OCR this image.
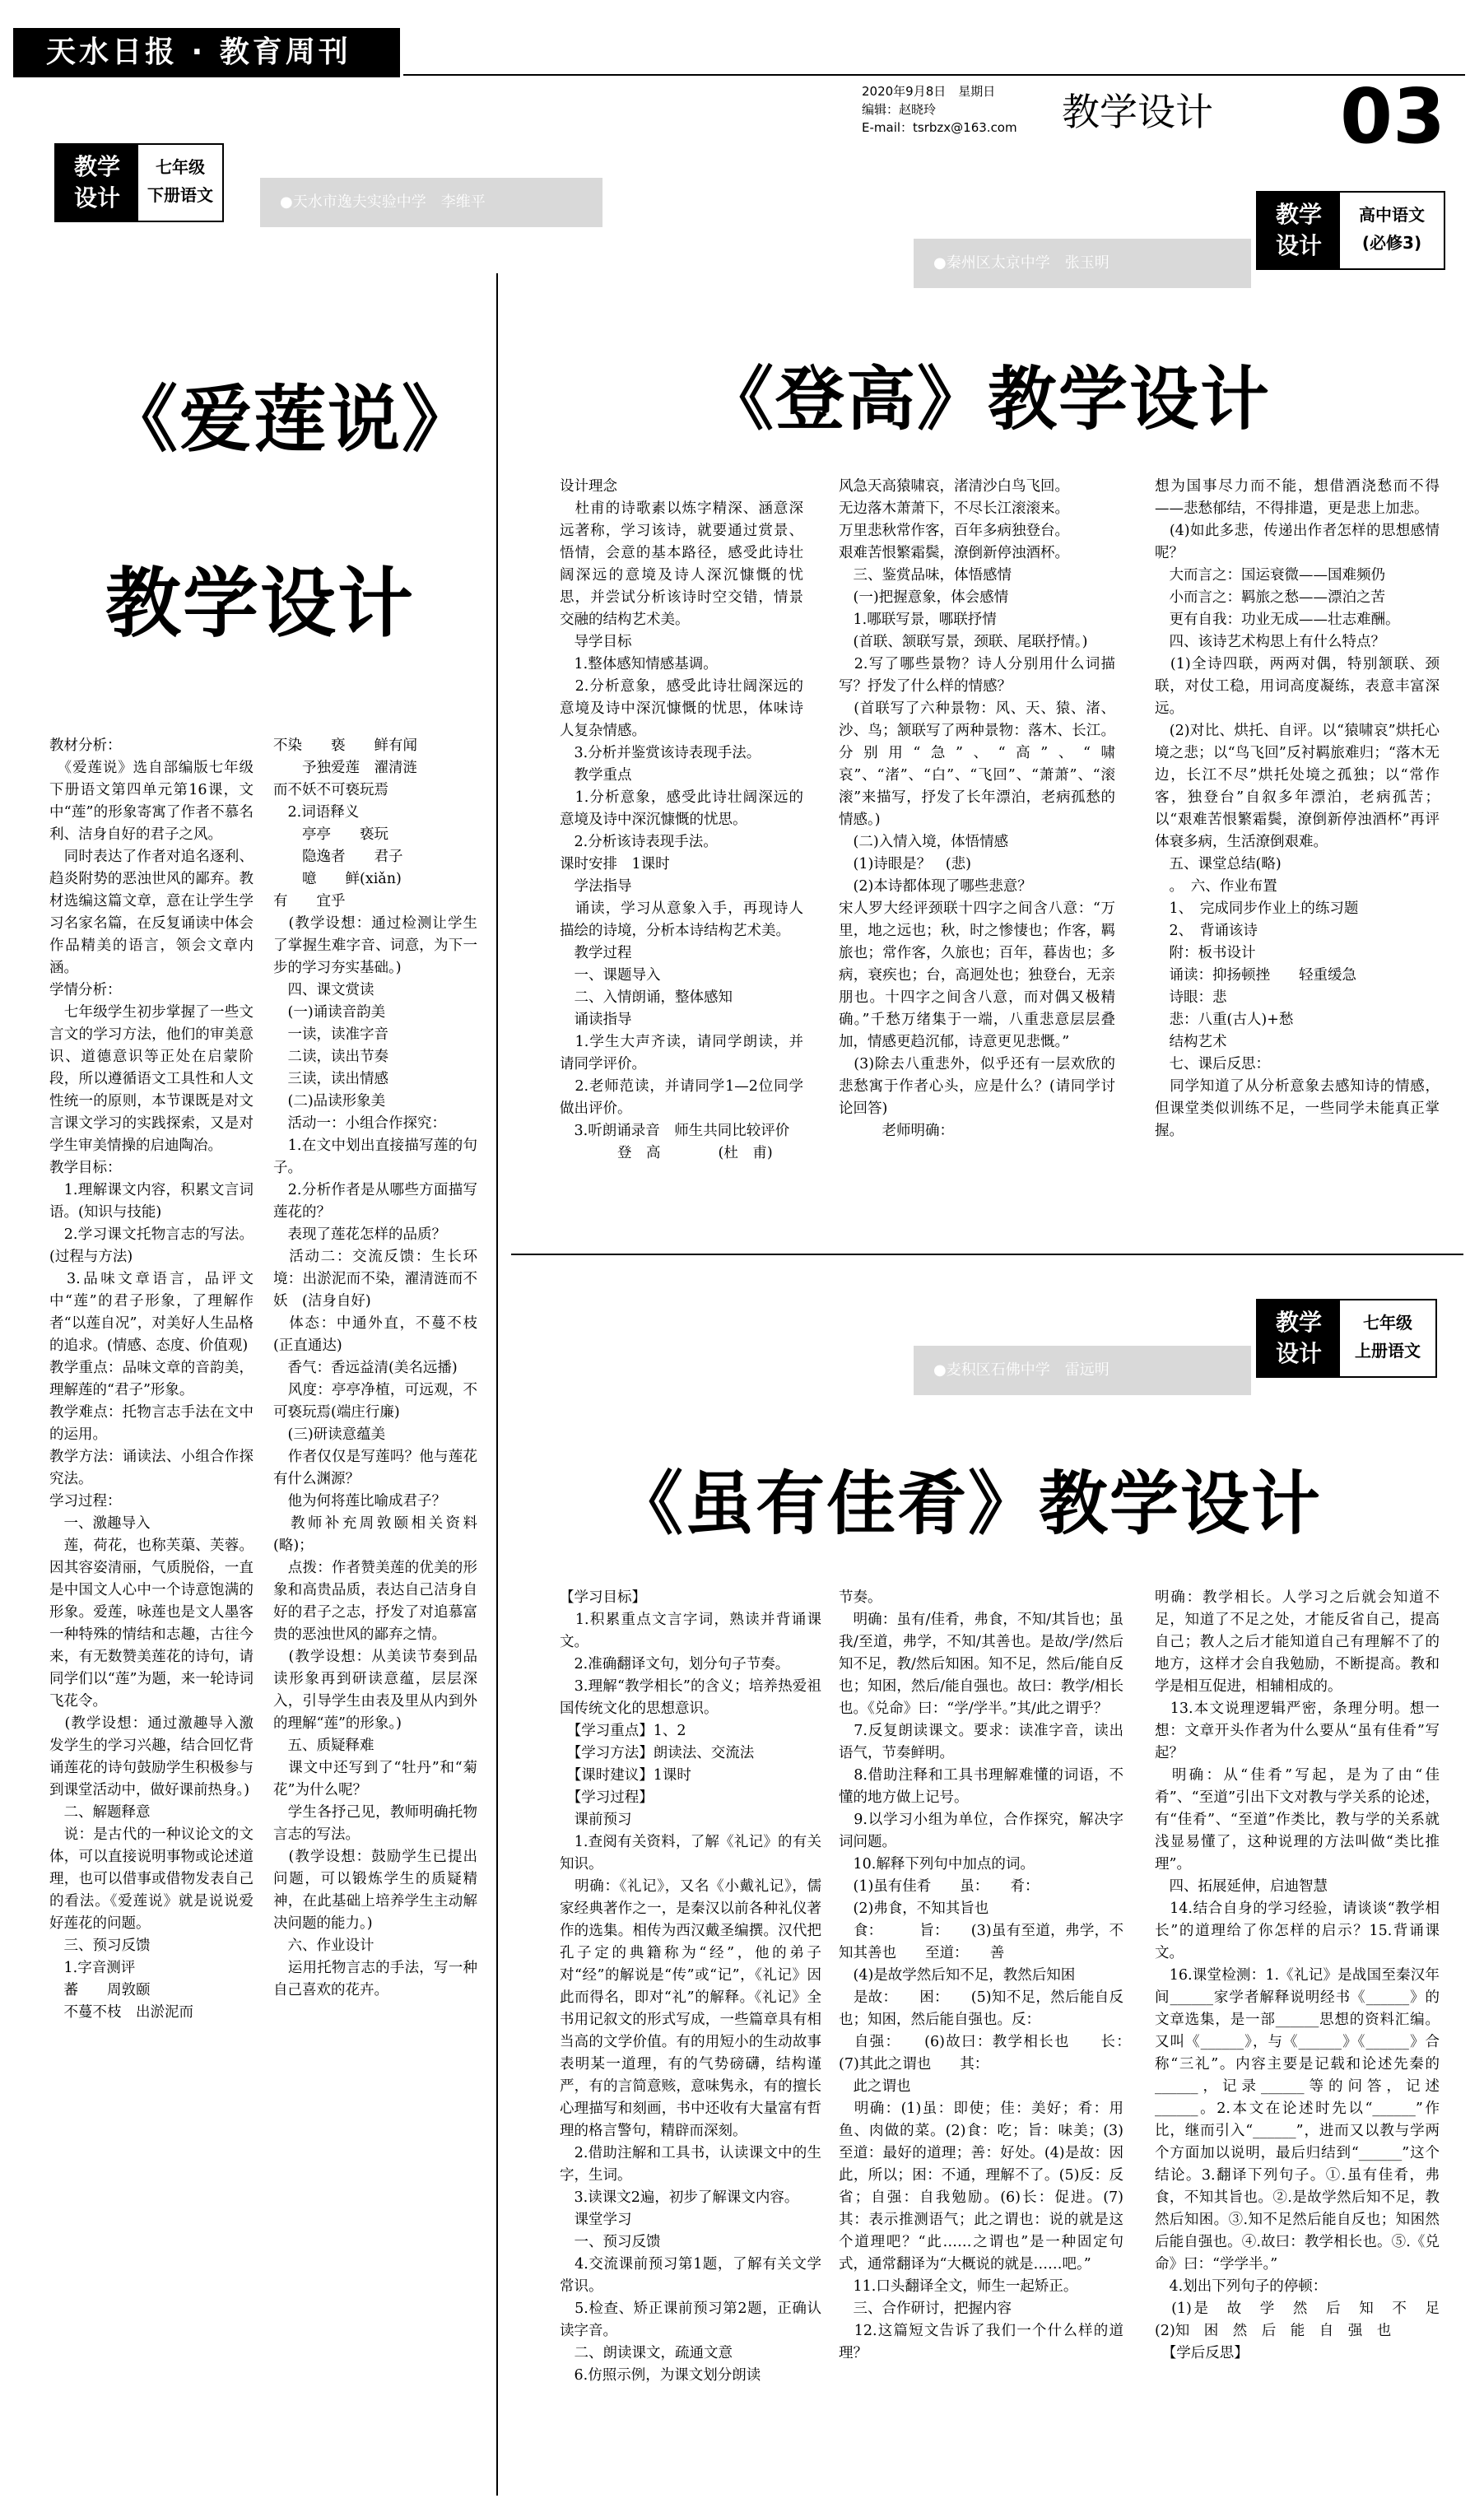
天水日报 · 教育周刊
2020年9月8日　星期日
编辑：赵晓玲
E-mail：tsrbzx@163.com	教学设计 03
教学设计
七年级
下册语文	●天水市逸夫实验中学　李维平
《爱莲说》
教学设计
教材分析：
　《爱莲说》选自部编版七年级下册语文第四单元第16课，文中“莲”的形象寄寓了作者不慕名利、洁身自好的君子之风。
　同时表达了作者对追名逐利、趋炎附势的恶浊世风的鄙弃。教材选编这篇文章，意在让学生学习名家名篇，在反复诵读中体会作品精美的语言，领会文章内涵。
学情分析：
　七年级学生初步掌握了一些文言文的学习方法，他们的审美意识、道德意识等正处在启蒙阶段，所以遵循语文工具性和人文性统一的原则，本节课既是对文言课文学习的实践探索，又是对学生审美情操的启迪陶冶。
教学目标：
　1.理解课文内容，积累文言词语。(知识与技能)
　2.学习课文托物言志的写法。(过程与方法)
　3.品味文章语言，品评文中“莲”的君子形象，了理解作者“以莲自况”，对美好人生品格的追求。(情感、态度、价值观)
教学重点：品味文章的音韵美，理解莲的“君子”形象。
教学难点：托物言志手法在文中的运用。
教学方法：诵读法、小组合作探究法。
学习过程：
　一、激趣导入
　莲，荷花，也称芙蕖、芙蓉。因其容姿清丽，气质脱俗，一直是中国文人心中一个诗意饱满的形象。爱莲，咏莲也是文人墨客一种特殊的情结和志趣，古往今来，有无数赞美莲花的诗句，请同学们以“莲”为题，来一轮诗词飞花令。
　(教学设想：通过激趣导入激发学生的学习兴趣，结合回忆背诵莲花的诗句鼓励学生积极参与到课堂活动中，做好课前热身。)
　二、解题释意
　说：是古代的一种议论文的文体，可以直接说明事物或论述道理，也可以借事或借物发表自己的看法。《爱莲说》就是说说爱好莲花的问题。
　三、预习反馈
　1.字音测评
　蕃　　周敦颐
　不蔓不枝　出淤泥而
不染　　亵　　鲜有闻
　　予独爱莲　濯清涟
而不妖不可亵玩焉
　2.词语释义
　　亭亭　　亵玩
　　隐逸者　　君子
　　噫　　鲜(xiǎn)
有　　宜乎
　(教学设想：通过检测让学生了掌握生难字音、词意，为下一步的学习夯实基础。)
　四、课文赏读
　(一)诵读音韵美
　一读，读准字音
　二读，读出节奏
　三读，读出情感
　(二)品读形象美
　活动一：小组合作探究：
　1.在文中划出直接描写莲的句子。
　2.分析作者是从哪些方面描写莲花的？
　表现了莲花怎样的品质？
　活动二：交流反馈：生长环境：出淤泥而不染，濯清涟而不妖　(洁身自好)
　体态：中通外直，不蔓不枝(正直通达)
　香气：香远益清(美名远播)
　风度：亭亭净植，可远观，不可亵玩焉(端庄行廉)
　(三)研读意蕴美
　作者仅仅是写莲吗？他与莲花有什么渊源？
　他为何将莲比喻成君子？
　教师补充周敦颐相关资料(略)；
　点拨：作者赞美莲的优美的形象和高贵品质，表达自己洁身自好的君子之志，抒发了对追慕富贵的恶浊世风的鄙弃之情。
　(教学设想：从美读节奏到品读形象再到研读意蕴，层层深入，引导学生由表及里从内到外的理解“莲”的形象。)
　五、质疑释难
　课文中还写到了“牡丹”和“菊花”为什么呢？
　学生各抒己见，教师明确托物言志的写法。
　(教学设想：鼓励学生已提出问题，可以锻炼学生的质疑精神，在此基础上培养学生主动解决问题的能力。)
　六、作业设计
　运用托物言志的手法，写一种自己喜欢的花卉。
教学设计
高中语文
(必修3)
●秦州区太京中学　张玉明
《登高》教学设计
设计理念
　杜甫的诗歌素以炼字精深、涵意深远著称，学习该诗，就要通过赏景、悟情，会意的基本路径，感受此诗壮阔深远的意境及诗人深沉慷慨的忧思，并尝试分析该诗时空交错，情景交融的结构艺术美。
　导学目标
　1.整体感知情感基调。
　2.分析意象，感受此诗壮阔深远的意境及诗中深沉慷慨的忧思，体味诗人复杂情感。
　3.分析并鉴赏该诗表现手法。
　教学重点
　1.分析意象，感受此诗壮阔深远的意境及诗中深沉慷慨的忧思。
　2.分析该诗表现手法。
课时安排　1课时
　学法指导
　诵读，学习从意象入手，再现诗人描绘的诗境，分析本诗结构艺术美。
　教学过程
　一、课题导入
　二、入情朗诵，整体感知
　诵读指导
　1.学生大声齐读，请同学朗读，并请同学评价。
　2.老师范读，并请同学1—2位同学做出评价。
　3.听朗诵录音　师生共同比较评价
　　　　登　高　　　　(杜　甫)
风急天高猿啸哀，渚清沙白鸟飞回。
无边落木萧萧下，不尽长江滚滚来。
万里悲秋常作客，百年多病独登台。
艰难苦恨繁霜鬓，潦倒新停浊酒杯。
　三、鉴赏品味，体悟感情
　(一)把握意象，体会感情
　1.哪联写景，哪联抒情
　(首联、颔联写景，颈联、尾联抒情。)
　2.写了哪些景物？诗人分别用什么词描写？抒发了什么样的情感？
　(首联写了六种景物：风、天、猿、渚、沙、鸟；颔联写了两种景物：落木、长江。分别用“急”、“高”、“啸哀”、“渚”、“白”、“飞回”、“萧萧”、“滚滚”来描写，抒发了长年漂泊，老病孤愁的情感。)
　(二)入情入境，体悟情感
　(1)诗眼是？　(悲)
　(2)本诗都体现了哪些悲意？
宋人罗大经评颈联十四字之间含八意：“万里，地之远也；秋，时之惨悽也；作客，羁旅也；常作客，久旅也；百年，暮齿也；多病，衰疾也；台，高迥处也；独登台，无亲朋也。十四字之间含八意，而对偶又极精确。”千愁万绪集于一端，八重悲意层层叠加，情感更趋沉郁，诗意更见悲慨。”
　(3)除去八重悲外，似乎还有一层欢欣的悲愁寓于作者心头，应是什么？(请同学讨论回答)
　　　老师明确：
想为国事尽力而不能，想借酒浇愁而不得——悲愁郁结，不得排遣，更是悲上加悲。
　(4)如此多悲，传递出作者怎样的思想感情呢？
　大而言之：国运衰微——国难频仍
　小而言之：羁旅之愁——漂泊之苦
　更有自我：功业无成——壮志难酬。
　四、该诗艺术构思上有什么特点？
　(1)全诗四联，两两对偶，特别颔联、颈联，对仗工稳，用词高度凝练，表意丰富深远。
　(2)对比、烘托、自评。以“猿啸哀”烘托心境之悲；以“鸟飞回”反衬羁旅难归；“落木无边，长江不尽”烘托处境之孤独；以“常作客，独登台”自叙多年漂泊，老病孤苦；以“艰难苦恨繁霜鬓，潦倒新停浊酒杯”再评体衰多病，生活潦倒艰难。
　五、课堂总结(略)
　。　六、作业布置
　1、　完成同步作业上的练习题
　2、　背诵该诗
　附：板书设计
　诵读：抑扬顿挫　　轻重缓急
　诗眼：悲
　悲：八重(古人)+愁
　结构艺术
　七、课后反思：
　同学知道了从分析意象去感知诗的情感，但课堂类似训练不足，一些同学未能真正掌握。
教学设计
七年级
上册语文
●麦积区石佛中学　雷远明
《虽有佳肴》教学设计
【学习目标】
　1.积累重点文言字词，熟读并背诵课文。
　2.准确翻译文句，划分句子节奏。
　3.理解“教学相长”的含义；培养热爱祖国传统文化的思想意识。
　【学习重点】1、2
　【学习方法】朗读法、交流法
　【课时建议】1课时
　【学习过程】
　课前预习
　1.查阅有关资料，了解《礼记》的有关知识。
　明确：《礼记》，又名《小戴礼记》，儒家经典著作之一，是秦汉以前各种礼仪著作的选集。相传为西汉戴圣编撰。汉代把孔子定的典籍称为“经”，他的弟子对“经”的解说是“传”或“记”，《礼记》因此而得名，即对“礼”的解释。《礼记》全书用记叙文的形式写成，一些篇章具有相当高的文学价值。有的用短小的生动故事表明某一道理，有的气势磅礴，结构谨严，有的言简意赅，意味隽永，有的擅长心理描写和刻画，书中还收有大量富有哲理的格言警句，精辟而深刻。
　2.借助注解和工具书，认读课文中的生字，生词。
　3.读课文2遍，初步了解课文内容。
　课堂学习
　一、预习反馈
　4.交流课前预习第1题，了解有关文学常识。
　5.检查、矫正课前预习第2题，正确认读字音。
　二、朗读课文，疏通文意
　6.仿照示例，为课文划分朗读
节奏。
　明确：虽有/佳肴，弗食，不知/其旨也；虽我/至道，弗学，不知/其善也。是故/学/然后知不足，教/然后知困。知不足，然后/能自反也；知困，然后/能自强也。故曰：教学/相长也。《兑命》曰：“学/学半。”其/此之谓乎？
　7.反复朗读课文。要求：读准字音，读出语气，节奏鲜明。
　8.借助注释和工具书理解难懂的词语，不懂的地方做上记号。
　9.以学习小组为单位，合作探究，解决字词问题。
　10.解释下列句中加点的词。
　(1)虽有佳肴　　虽：　　肴：
　(2)弗食，不知其旨也
　食：　　　旨：　　(3)虽有至道，弗学，不知其善也　　至道：　　善
　(4)是故学然后知不足，教然后知困
　是故：　　困：　　(5)知不足，然后能自反也；知困，然后能自强也。反：
　自强：　　(6)故曰：教学相长也　　长：　　(7)其此之谓也　　其：
　此之谓也
　明确：(1)虽：即使；佳：美好；肴：用鱼、肉做的菜。(2)食：吃；旨：味美；(3)至道：最好的道理；善：好处。(4)是故：因此，所以；困：不通，理解不了。(5)反：反省；自强：自我勉励。(6)长：促进。(7)其：表示推测语气；此之谓也：说的就是这个道理吧？“此……之谓也”是一种固定句式，通常翻译为“大概说的就是……吧。”
　11.口头翻译全文，师生一起矫正。
　三、合作研讨，把握内容
　12.这篇短文告诉了我们一个什么样的道理？
明确：教学相长。人学习之后就会知道不足，知道了不足之处，才能反省自己，提高自己；教人之后才能知道自己有理解不了的地方，这样才会自我勉励，不断提高。教和学是相互促进，相辅相成的。
　13.本文说理逻辑严密，条理分明。想一想：文章开头作者为什么要从“虽有佳肴”写起？
　明确：从“佳肴”写起，是为了由“佳肴”、“至道”引出下文对教与学关系的论述，有“佳肴”、“至道”作类比，教与学的关系就浅显易懂了，这种说理的方法叫做“类比推理”。
　四、拓展延伸，启迪智慧
　14.结合自身的学习经验，请谈谈“教学相长”的道理给了你怎样的启示？15.背诵课文。
　16.课堂检测：1.《礼记》是战国至秦汉年间______家学者解释说明经书《______》的文章选集，是一部______思想的资料汇编。又叫《______》，与《______》《______》合称“三礼”。内容主要是记载和论述先秦的______，记录______等的问答，记述______。2.本文在论述时先以“______”作比，继而引入“______”，进而又以教与学两个方面加以说明，最后归结到“______”这个结论。3.翻译下列句子。①.虽有佳肴，弗食，不知其旨也。②.是故学然后知不足，教然后知困。③.知不足然后能自反也；知困然后能自强也。④.故曰：教学相长也。⑤.《兑命》曰：“学学半。”
　4.划出下列句子的停顿：
　(1)是　故　学　然　后　知　不　足　(2)知　困　然　后　能　自　强　也
　【学后反思】
